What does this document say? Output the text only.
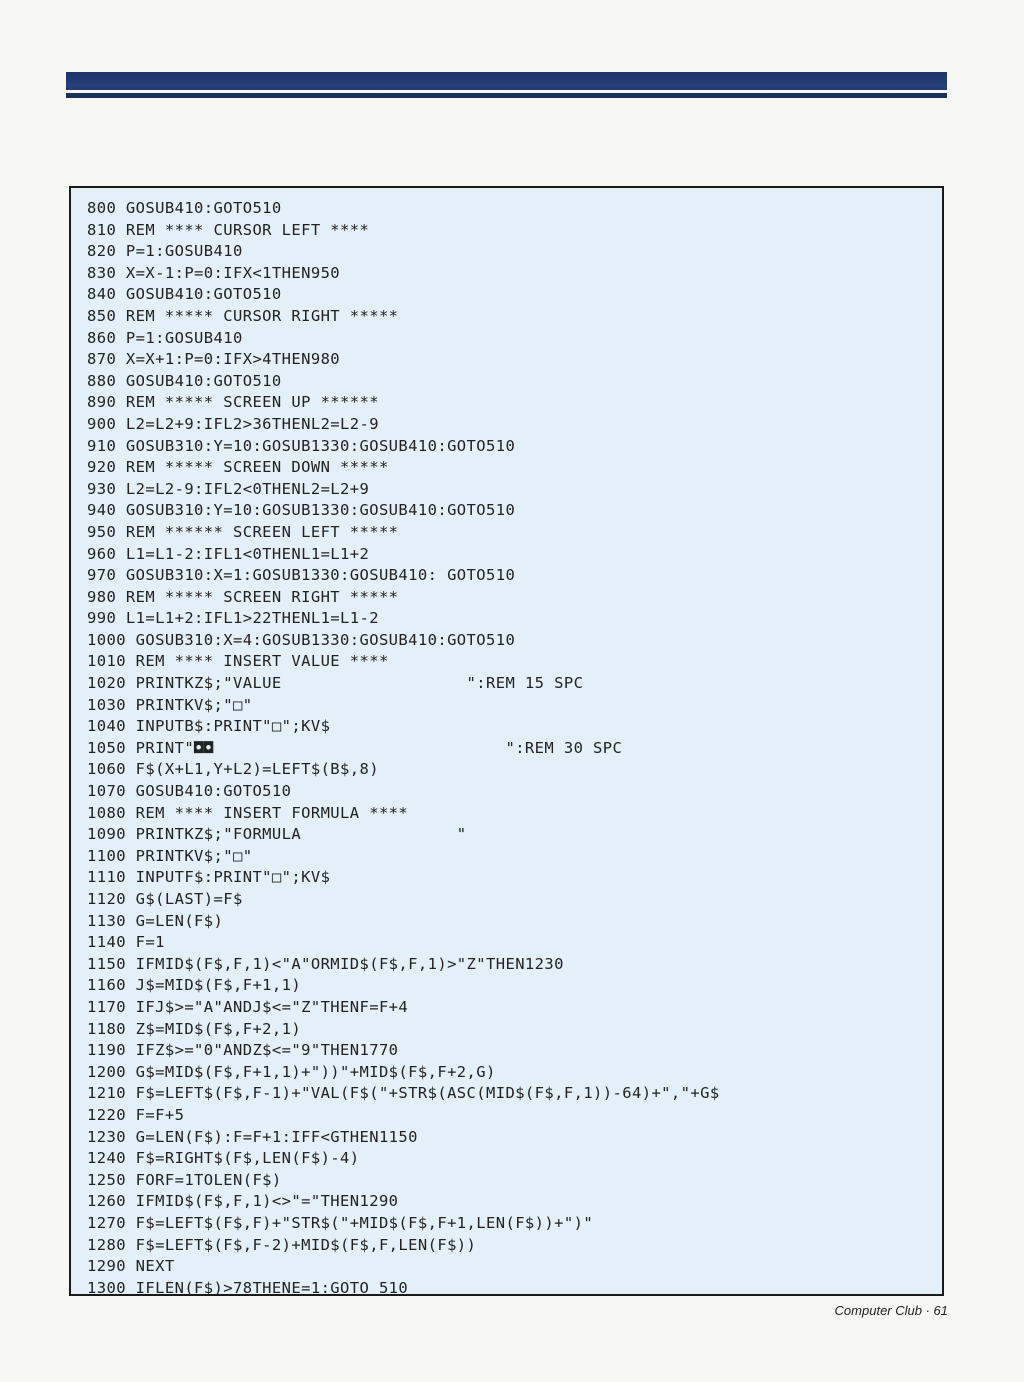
800 GOSUB410:GOTO510
810 REM **** CURSOR LEFT ****
820 P=1:GOSUB410
830 X=X-1:P=0:IFX<1THEN950
840 GOSUB410:GOTO510
850 REM ***** CURSOR RIGHT *****
860 P=1:GOSUB410
870 X=X+1:P=0:IFX>4THEN980
880 GOSUB410:GOTO510
890 REM ***** SCREEN UP ******
900 L2=L2+9:IFL2>36THENL2=L2-9
910 GOSUB310:Y=10:GOSUB1330:GOSUB410:GOTO510
920 REM ***** SCREEN DOWN *****
930 L2=L2-9:IFL2<0THENL2=L2+9
940 GOSUB310:Y=10:GOSUB1330:GOSUB410:GOTO510
950 REM ****** SCREEN LEFT *****
960 L1=L1-2:IFL1<0THENL1=L1+2
970 GOSUB310:X=1:GOSUB1330:GOSUB410: GOTO510
980 REM ***** SCREEN RIGHT *****
990 L1=L1+2:IFL1>22THENL1=L1-2
1000 GOSUB310:X=4:GOSUB1330:GOSUB410:GOTO510
1010 REM **** INSERT VALUE ****
1020 PRINTKZ$;"VALUE                   ":REM 15 SPC
1030 PRINTKV$;"□"
1040 INPUTB$:PRINT"□";KV$
1050 PRINT"◘◘                              ":REM 30 SPC
1060 F$(X+L1,Y+L2)=LEFT$(B$,8)
1070 GOSUB410:GOTO510
1080 REM **** INSERT FORMULA ****
1090 PRINTKZ$;"FORMULA                "
1100 PRINTKV$;"□"
1110 INPUTF$:PRINT"□";KV$
1120 G$(LAST)=F$
1130 G=LEN(F$)
1140 F=1
1150 IFMID$(F$,F,1)<"A"ORMID$(F$,F,1)>"Z"THEN1230
1160 J$=MID$(F$,F+1,1)
1170 IFJ$>="A"ANDJ$<="Z"THENF=F+4
1180 Z$=MID$(F$,F+2,1)
1190 IFZ$>="0"ANDZ$<="9"THEN1770
1200 G$=MID$(F$,F+1,1)+"))"+MID$(F$,F+2,G)
1210 F$=LEFT$(F$,F-1)+"VAL(F$("+STR$(ASC(MID$(F$,F,1))-64)+","+G$
1220 F=F+5
1230 G=LEN(F$):F=F+1:IFF<GTHEN1150
1240 F$=RIGHT$(F$,LEN(F$)-4)
1250 FORF=1TOLEN(F$)
1260 IFMID$(F$,F,1)<>"="THEN1290
1270 F$=LEFT$(F$,F)+"STR$("+MID$(F$,F+1,LEN(F$))+")"
1280 F$=LEFT$(F$,F-2)+MID$(F$,F,LEN(F$))
1290 NEXT
1300 IFLEN(F$)>78THENE=1:GOTO 510
Computer Club · 61
